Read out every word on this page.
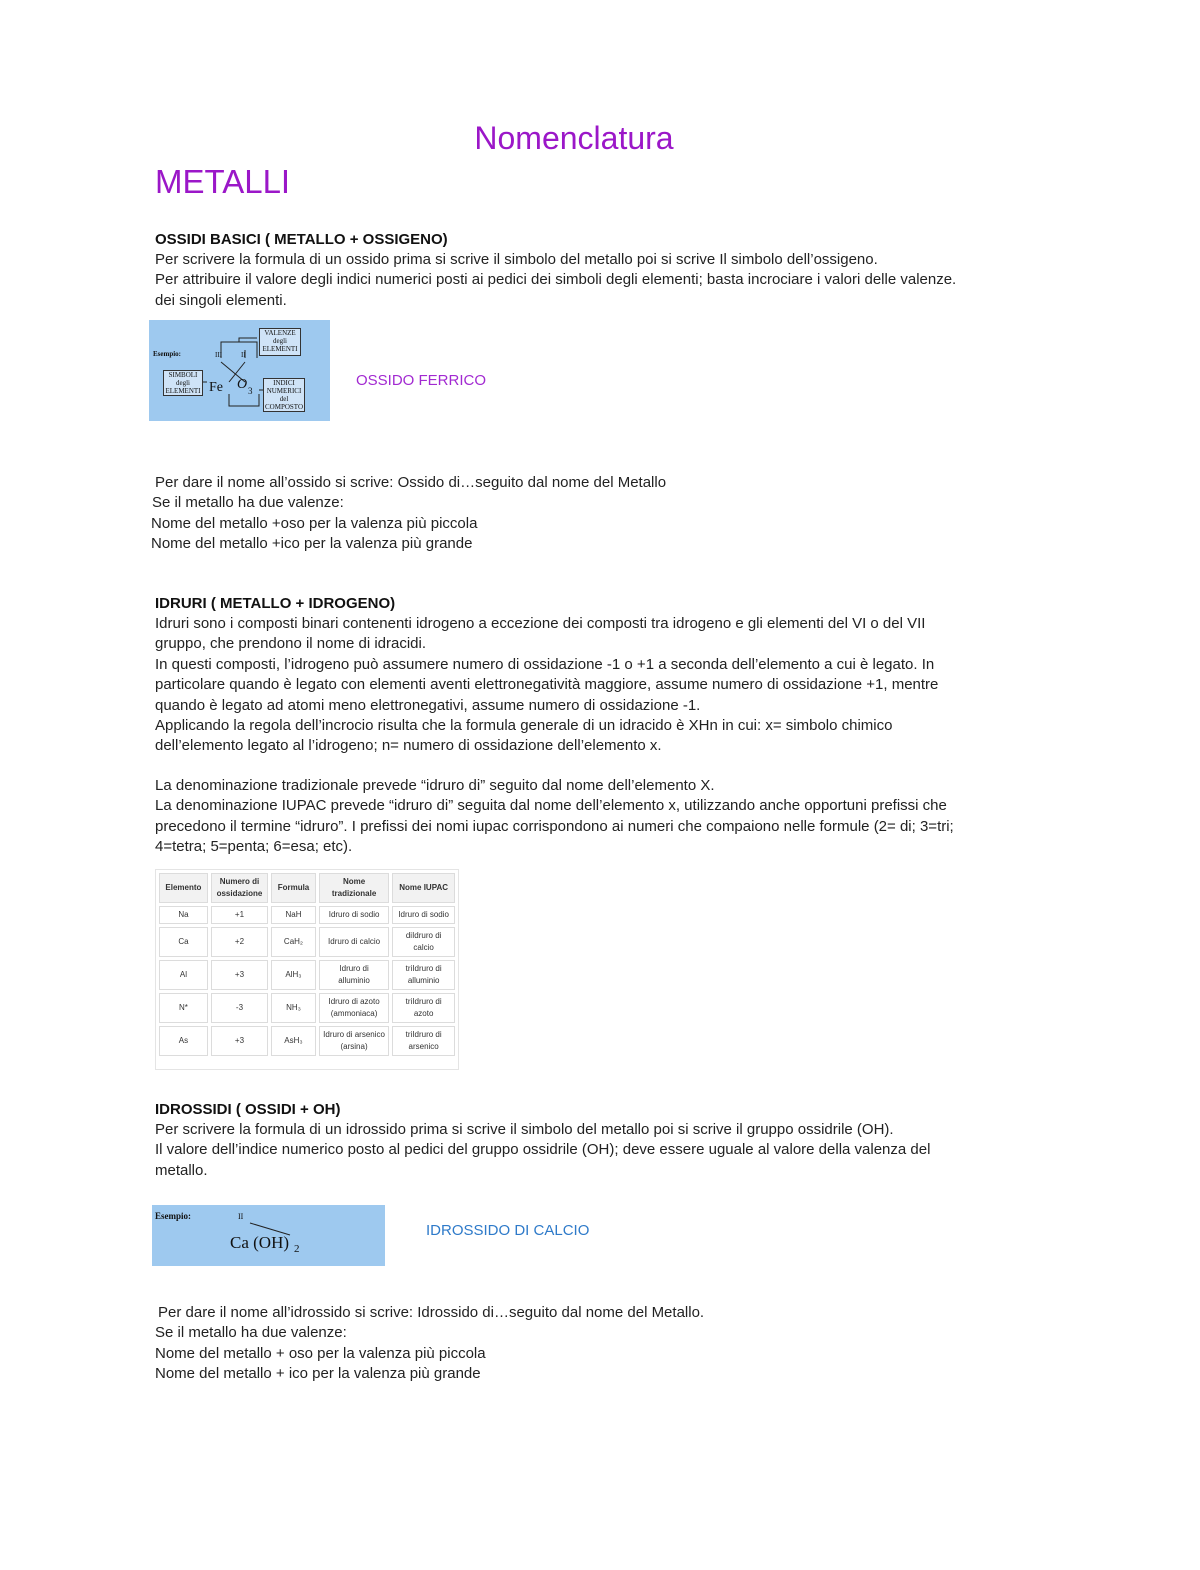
Nomenclatura
METALLI
OSSIDI BASICI ( METALLO + OSSIGENO)
Per scrivere la formula di un ossido prima si scrive il simbolo del metallo poi si scrive Il simbolo dell’ossigeno.
Per attribuire il valore degli indici numerici posti ai pedici dei simboli degli elementi; basta incrociare i valori delle valenze.
dei singoli elementi.
VALENZE degli ELEMENTI
SIMBOLI degli ELEMENTI
INDICI NUMERICI del COMPOSTO
Esempio:	III	II
Fe O 3
OSSIDO FERRICO
Per dare il nome all’ossido si scrive: Ossido di…seguito dal nome del Metallo
Se il metallo ha due valenze:
Nome del metallo +oso per la valenza più piccola
Nome del metallo +ico per la valenza più grande
IDRURI ( METALLO + IDROGENO)
Idruri sono i composti binari contenenti idrogeno a eccezione dei composti tra idrogeno e gli elementi del VI o del VII
gruppo, che prendono il nome di idracidi.
In questi composti, l’idrogeno può assumere numero di ossidazione -1 o +1 a seconda dell’elemento a cui è legato. In
particolare quando è legato con elementi aventi elettronegatività maggiore, assume numero di ossidazione +1, mentre
quando è legato ad atomi meno elettronegativi, assume numero di ossidazione -1.
Applicando la regola dell’incrocio risulta che la formula generale di un idracido è XHn in cui: x= simbolo chimico
dell’elemento legato al l’idrogeno; n= numero di ossidazione dell’elemento x.
La denominazione tradizionale prevede “idruro di” seguito dal nome dell’elemento X.
La denominazione IUPAC prevede “idruro di” seguita dal nome dell’elemento x, utilizzando anche opportuni prefissi che
precedono il termine “idruro”. I prefissi dei nomi iupac corrispondono ai numeri che compaiono nelle formule (2= di; 3=tri;
4=tetra; 5=penta; 6=esa; etc).
Elemento	Numero di ossidazione	Formula	Nome tradizionale	Nome IUPAC
Na	+1	NaH	Idruro di sodio	Idruro di sodio
Ca	+2	CaH₂	Idruro di calcio	diIdruro di calcio
Al	+3	AlH₃	Idruro di alluminio	triIdruro di alluminio
N*	-3	NH₃	Idruro di azoto (ammoniaca)	triIdruro di azoto
As	+3	AsH₃	Idruro di arsenico (arsina)	triIdruro di arsenico
IDROSSIDI ( OSSIDI + OH)
Per scrivere la formula di un idrossido prima si scrive il simbolo del metallo poi si scrive il gruppo ossidrile (OH).
Il valore dell’indice numerico posto al pedici del gruppo ossidrile (OH); deve essere uguale al valore della valenza del
metallo.
Esempio:	II
Ca (OH) 2
IDROSSIDO DI CALCIO
Per dare il nome all’idrossido si scrive: Idrossido di…seguito dal nome del Metallo.
Se il metallo ha due valenze:
Nome del metallo + oso per la valenza più piccola
Nome del metallo + ico per la valenza più grande
